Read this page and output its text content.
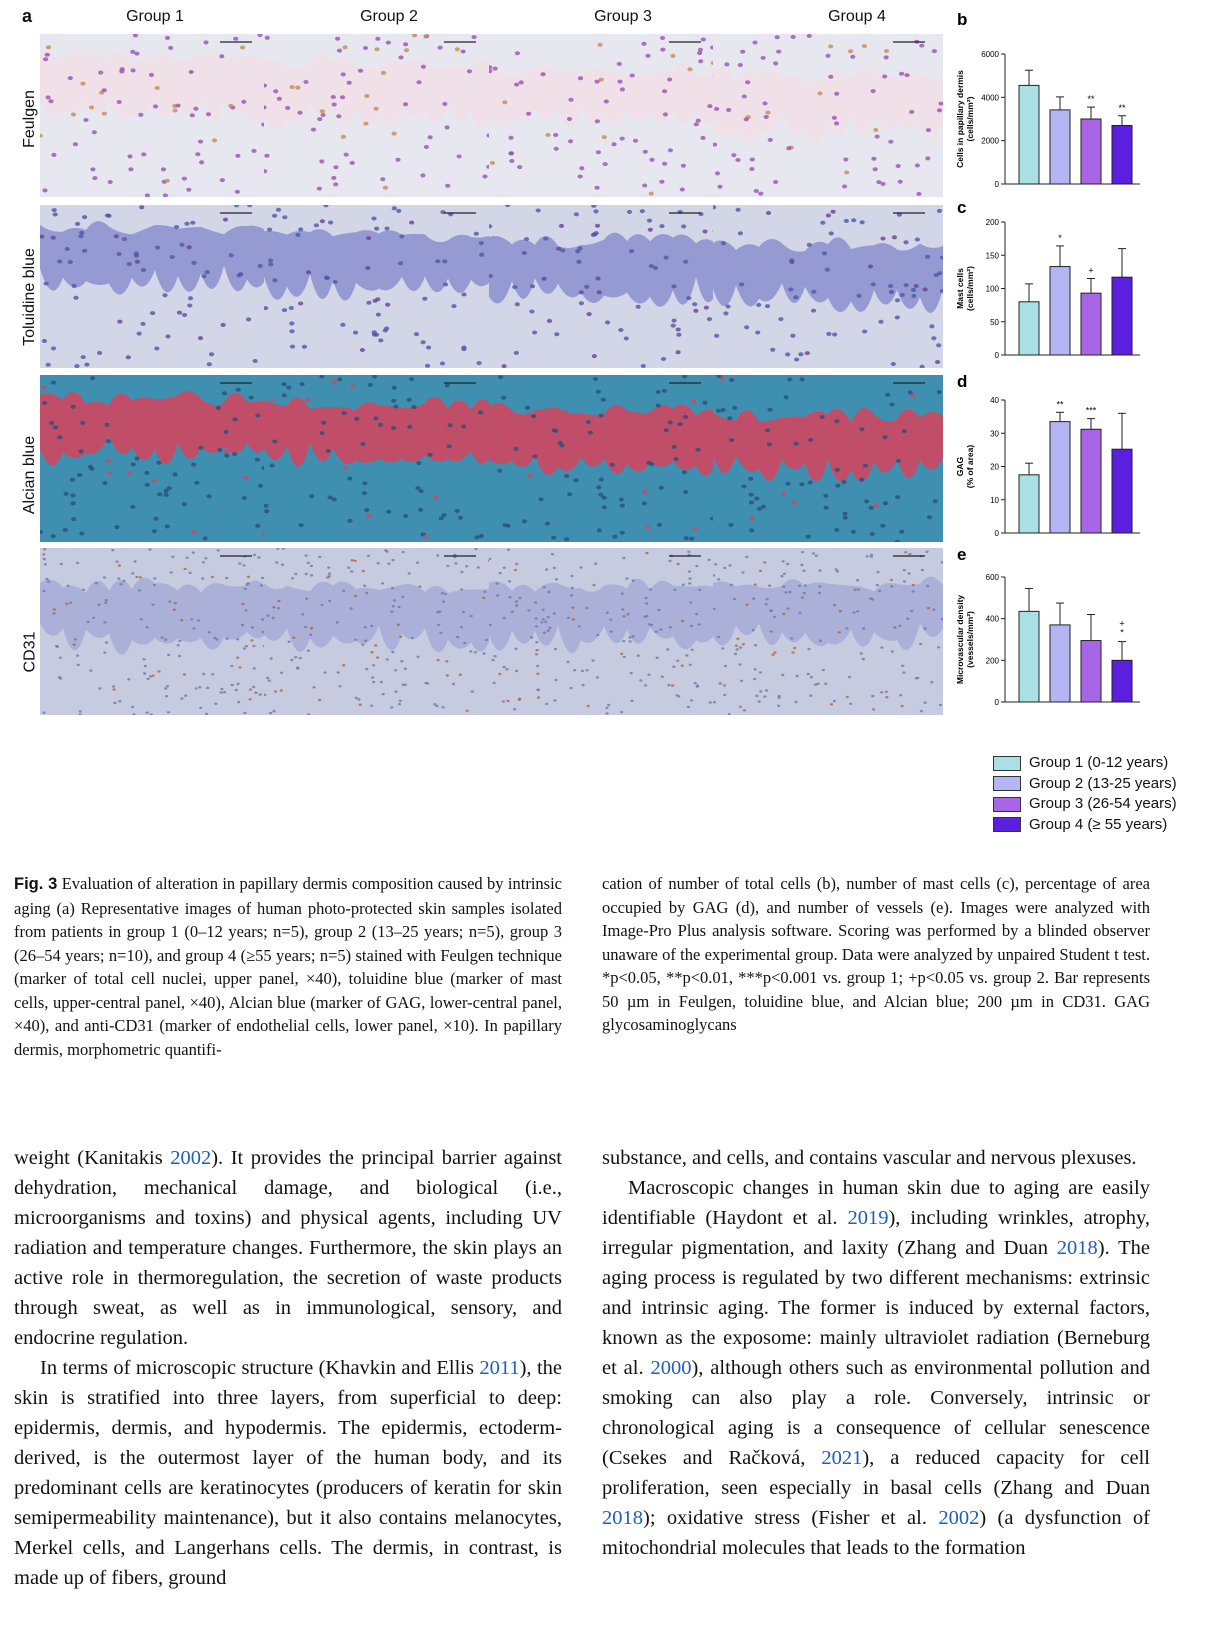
a	Group 1	Group 2	Group 3	Group 4
Feulgen
Toluidine blue
Alcian blue
CD31
b
Cells in papillary dermis(cells/mm²)
0
2000
4000
6000
**
**
c
Mast cells(cells/mm²)
0
50
100
150
200
*
+
d
GAG(% of area)
0
10
20
30
40	**
***
e
Microvascular density(vessels/mm²)
0
200
400
600
+ *
Group 1 (0-12 years)
Group 2 (13-25 years)
Group 3 (26-54 years)
Group 4 (≥ 55 years)
Fig. 3 Evaluation of alteration in papillary dermis composition caused by intrinsic aging (a) Representative images of human photo-protected skin samples isolated from patients in group 1 (0–12 years; n=5), group 2 (13–25 years; n=5), group 3 (26–54 years; n=10), and group 4 (≥55 years; n=5) stained with Feulgen technique (marker of total cell nuclei, upper panel, ×40), toluidine blue (marker of mast cells, upper-central panel, ×40), Alcian blue (marker of GAG, lower-central panel, ×40), and anti-CD31 (marker of endothelial cells, lower panel, ×10). In papillary dermis, morphometric quantifi-
cation of number of total cells (b), number of mast cells (c), percentage of area occupied by GAG (d), and number of vessels (e). Images were analyzed with Image-Pro Plus analysis software. Scoring was performed by a blinded observer unaware of the experimental group. Data were analyzed by unpaired Student t test. *p<0.05, **p<0.01, ***p<0.001 vs. group 1; +p<0.05 vs. group 2. Bar represents 50 µm in Feulgen, toluidine blue, and Alcian blue; 200 µm in CD31. GAG glycosaminoglycans

weight (Kanitakis 2002). It provides the principal barrier against dehydration, mechanical damage, and biological (i.e., microorganisms and toxins) and physical agents, including UV radiation and temperature changes. Furthermore, the skin plays an active role in thermoregulation, the secretion of waste products through sweat, as well as in immunological, sensory, and endocrine regulation.

In terms of microscopic structure (Khavkin and Ellis 2011), the skin is stratified into three layers, from superficial to deep: epidermis, dermis, and hypodermis. The epidermis, ectoderm-derived, is the outermost layer of the human body, and its predominant cells are keratinocytes (producers of keratin for skin semipermeability maintenance), but it also contains melanocytes, Merkel cells, and Langerhans cells. The dermis, in contrast, is made up of fibers, ground

substance, and cells, and contains vascular and nervous plexuses.

Macroscopic changes in human skin due to aging are easily identifiable (Haydont et al. 2019), including wrinkles, atrophy, irregular pigmentation, and laxity (Zhang and Duan 2018). The aging process is regulated by two different mechanisms: extrinsic and intrinsic aging. The former is induced by external factors, known as the exposome: mainly ultraviolet radiation (Berneburg et al. 2000), although others such as environmental pollution and smoking can also play a role. Conversely, intrinsic or chronological aging is a consequence of cellular senescence (Csekes and Račková, 2021), a reduced capacity for cell proliferation, seen especially in basal cells (Zhang and Duan 2018); oxidative stress (Fisher et al. 2002) (a dysfunction of mitochondrial molecules that leads to the formation
